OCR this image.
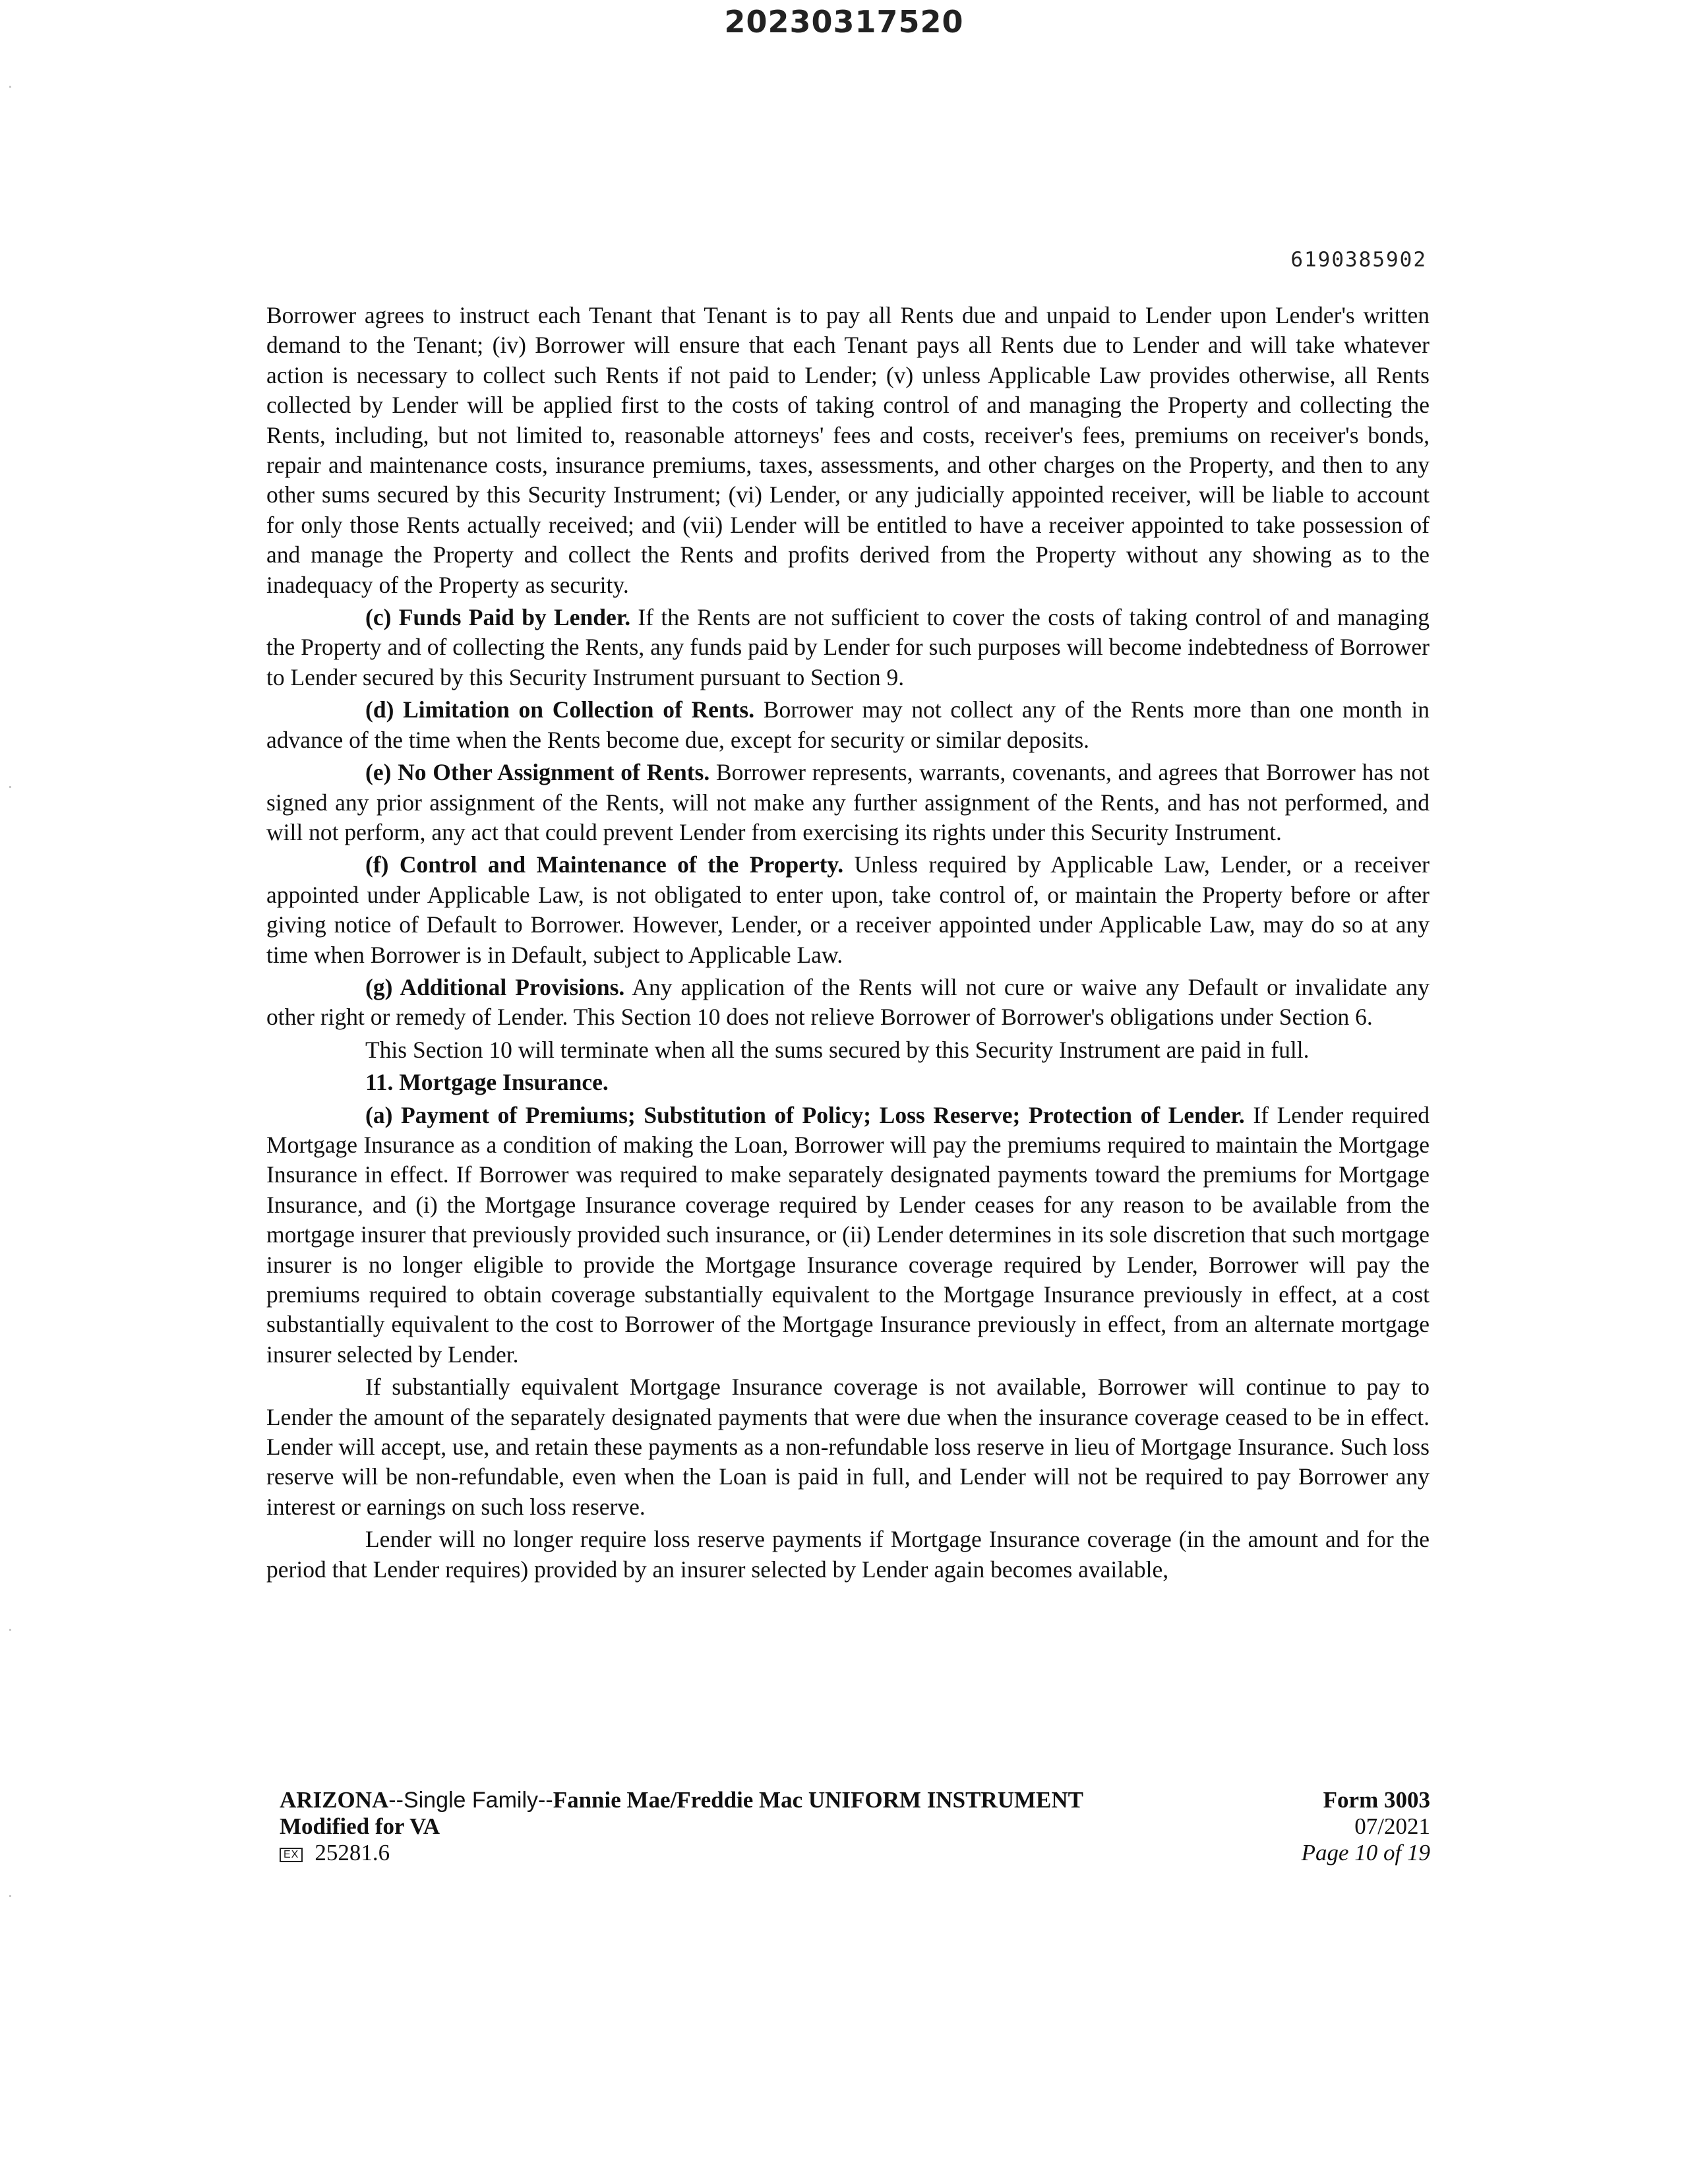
20230317520
6190385902

Borrower agrees to instruct each Tenant that Tenant is to pay all Rents due and unpaid to Lender upon Lender's written demand to the Tenant; (iv) Borrower will ensure that each Tenant pays all Rents due to Lender and will take whatever action is necessary to collect such Rents if not paid to Lender; (v) unless Applicable Law provides otherwise, all Rents collected by Lender will be applied first to the costs of taking control of and managing the Property and collecting the Rents, including, but not limited to, reasonable attorneys' fees and costs, receiver's fees, premiums on receiver's bonds, repair and maintenance costs, insurance premiums, taxes, assessments, and other charges on the Property, and then to any other sums secured by this Security Instrument; (vi) Lender, or any judicially appointed receiver, will be liable to account for only those Rents actually received; and (vii) Lender will be entitled to have a receiver appointed to take possession of and manage the Property and collect the Rents and profits derived from the Property without any showing as to the inadequacy of the Property as security.

(c) Funds Paid by Lender. If the Rents are not sufficient to cover the costs of taking control of and managing the Property and of collecting the Rents, any funds paid by Lender for such purposes will become indebtedness of Borrower to Lender secured by this Security Instrument pursuant to Section 9.

(d) Limitation on Collection of Rents. Borrower may not collect any of the Rents more than one month in advance of the time when the Rents become due, except for security or similar deposits.

(e) No Other Assignment of Rents. Borrower represents, warrants, covenants, and agrees that Borrower has not signed any prior assignment of the Rents, will not make any further assignment of the Rents, and has not performed, and will not perform, any act that could prevent Lender from exercising its rights under this Security Instrument.

(f) Control and Maintenance of the Property. Unless required by Applicable Law, Lender, or a receiver appointed under Applicable Law, is not obligated to enter upon, take control of, or maintain the Property before or after giving notice of Default to Borrower. However, Lender, or a receiver appointed under Applicable Law, may do so at any time when Borrower is in Default, subject to Applicable Law.

(g) Additional Provisions. Any application of the Rents will not cure or waive any Default or invalidate any other right or remedy of Lender. This Section 10 does not relieve Borrower of Borrower's obligations under Section 6.

This Section 10 will terminate when all the sums secured by this Security Instrument are paid in full.

11. Mortgage Insurance.

(a) Payment of Premiums; Substitution of Policy; Loss Reserve; Protection of Lender. If Lender required Mortgage Insurance as a condition of making the Loan, Borrower will pay the premiums required to maintain the Mortgage Insurance in effect. If Borrower was required to make separately designated payments toward the premiums for Mortgage Insurance, and (i) the Mortgage Insurance coverage required by Lender ceases for any reason to be available from the mortgage insurer that previously provided such insurance, or (ii) Lender determines in its sole discretion that such mortgage insurer is no longer eligible to provide the Mortgage Insurance coverage required by Lender, Borrower will pay the premiums required to obtain coverage substantially equivalent to the Mortgage Insurance previously in effect, at a cost substantially equivalent to the cost to Borrower of the Mortgage Insurance previously in effect, from an alternate mortgage insurer selected by Lender.

If substantially equivalent Mortgage Insurance coverage is not available, Borrower will continue to pay to Lender the amount of the separately designated payments that were due when the insurance coverage ceased to be in effect. Lender will accept, use, and retain these payments as a non-refundable loss reserve in lieu of Mortgage Insurance. Such loss reserve will be non-refundable, even when the Loan is paid in full, and Lender will not be required to pay Borrower any interest or earnings on such loss reserve.

Lender will no longer require loss reserve payments if Mortgage Insurance coverage (in the amount and for the period that Lender requires) provided by an insurer selected by Lender again becomes available,

ARIZONA--Single Family--Fannie Mae/Freddie Mac UNIFORM INSTRUMENT
Modified for VA
EX 25281.6
Form 3003
07/2021
Page 10 of 19
